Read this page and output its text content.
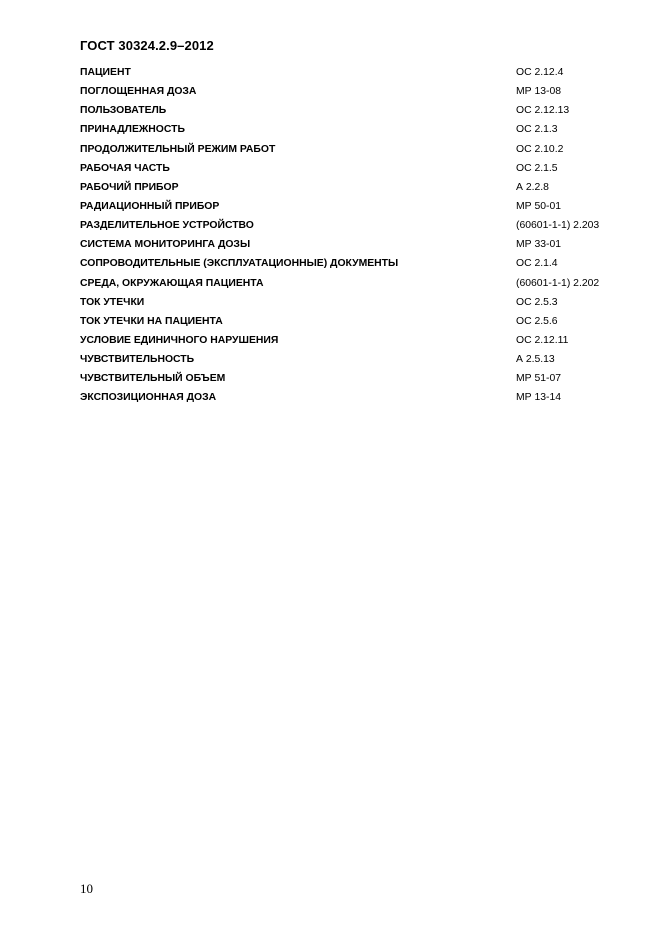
ГОСТ 30324.2.9–2012
ПАЦИЕНТ	ОС 2.12.4
ПОГЛОЩЕННАЯ ДОЗА	МР 13-08
ПОЛЬЗОВАТЕЛЬ	ОС 2.12.13
ПРИНАДЛЕЖНОСТЬ	ОС 2.1.3
ПРОДОЛЖИТЕЛЬНЫЙ РЕЖИМ РАБОТ	ОС 2.10.2
РАБОЧАЯ ЧАСТЬ	ОС 2.1.5
РАБОЧИЙ ПРИБОР	А 2.2.8
РАДИАЦИОННЫЙ ПРИБОР	МР 50-01
РАЗДЕЛИТЕЛЬНОЕ УСТРОЙСТВО	(60601-1-1) 2.203
СИСТЕМА МОНИТОРИНГА ДОЗЫ	МР 33-01
СОПРОВОДИТЕЛЬНЫЕ (ЭКСПЛУАТАЦИОННЫЕ) ДОКУМЕНТЫ	ОС 2.1.4
СРЕДА, ОКРУЖАЮЩАЯ ПАЦИЕНТА	(60601-1-1) 2.202
ТОК УТЕЧКИ	ОС 2.5.3
ТОК УТЕЧКИ НА ПАЦИЕНТА	ОС 2.5.6
УСЛОВИЕ ЕДИНИЧНОГО НАРУШЕНИЯ	ОС 2.12.11
ЧУВСТВИТЕЛЬНОСТЬ	А 2.5.13
ЧУВСТВИТЕЛЬНЫЙ ОБЪЕМ	МР 51-07
ЭКСПОЗИЦИОННАЯ ДОЗА	МР 13-14
10
